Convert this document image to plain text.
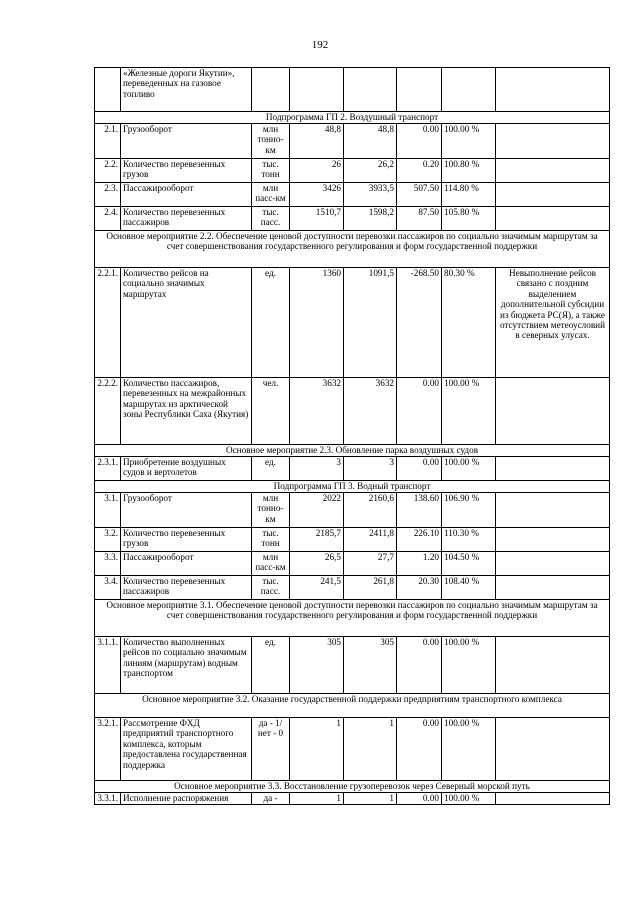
192
	«Железные дороги Якутии», переведенных на газовое топливо						
Подпрограмма ГП 2. Воздушный транспорт							
2.1.	Грузооборот	млн тонно-км	48,8	48,8	0.00	100.00 %	
2.2.	Количество перевезенных грузов	тыс. тонн	26	26,2	0.20	100.80 %	
2.3.	Пассажирооборот	млн пасс-км	3426	3933,5	507.50	114.80 %	
2.4.	Количество перевезенных пассажиров	тыс. пасс.	1510,7	1598,2	87.50	105.80 %	
Основное мероприятие 2.2. Обеспечение ценовой доступности перевозки пассажиров по социально значимым маршрутам за счет совершенствования государственного регулирования и форм государственной поддержки							
2.2.1.	Количество рейсов на социально значимых маршрутах	ед.	1360	1091,5	-268.50	80.30 %	Невыполнение рейсов связано с поздним выделением дополнительной субсидии из бюджета РС(Я), а также отсутствием метеоусловий в северных улусах.
2.2.2.	Количество пассажиров, перевезенных на межрайонных маршрутах из арктической зоны Республики Саха (Якутия)	чел.	3632	3632	0.00	100.00 %	
Основное мероприятие 2.3. Обновление парка воздушных судов							
2.3.1.	Приобретение воздушных судов и вертолетов	ед.	3	3	0.00	100.00 %	
Подпрограмма ГП 3. Водный транспорт							
3.1.	Грузооборот	млн тонно-км	2022	2160,6	138.60	106.90 %	
3.2.	Количество перевезенных грузов	тыс. тонн	2185,7	2411,8	226.10	110.30 %	
3.3.	Пассажирооборот	млн пасс-км	26,5	27,7	1.20	104.50 %	
3.4.	Количество перевезенных пассажиров	тыс. пасс.	241,5	261,8	20.30	108.40 %	
Основное мероприятие 3.1. Обеспечение ценовой доступности перевозки пассажиров по социально значимым маршрутам за счет совершенствования государственного регулирования и форм государственной поддержки							
3.1.1.	Количество выполненных рейсов по социально значимым линиям (маршрутам) водным транспортом	ед.	305	305	0.00	100.00 %	
Основное мероприятие 3.2. Оказание государственной поддержки предприятиям транспортного комплекса							
3.2.1.	Рассмотрение ФХД предприятий транспортного комплекса, которым предоставлена государственная поддержка	да - 1/нет - 0	1	1	0.00	100.00 %	
Основное мероприятие 3.3. Восстановление грузоперевозок через Северный морской путь							
3.3.1.	Исполнение распоряжения	да -	1	1	0.00	100.00 %	
